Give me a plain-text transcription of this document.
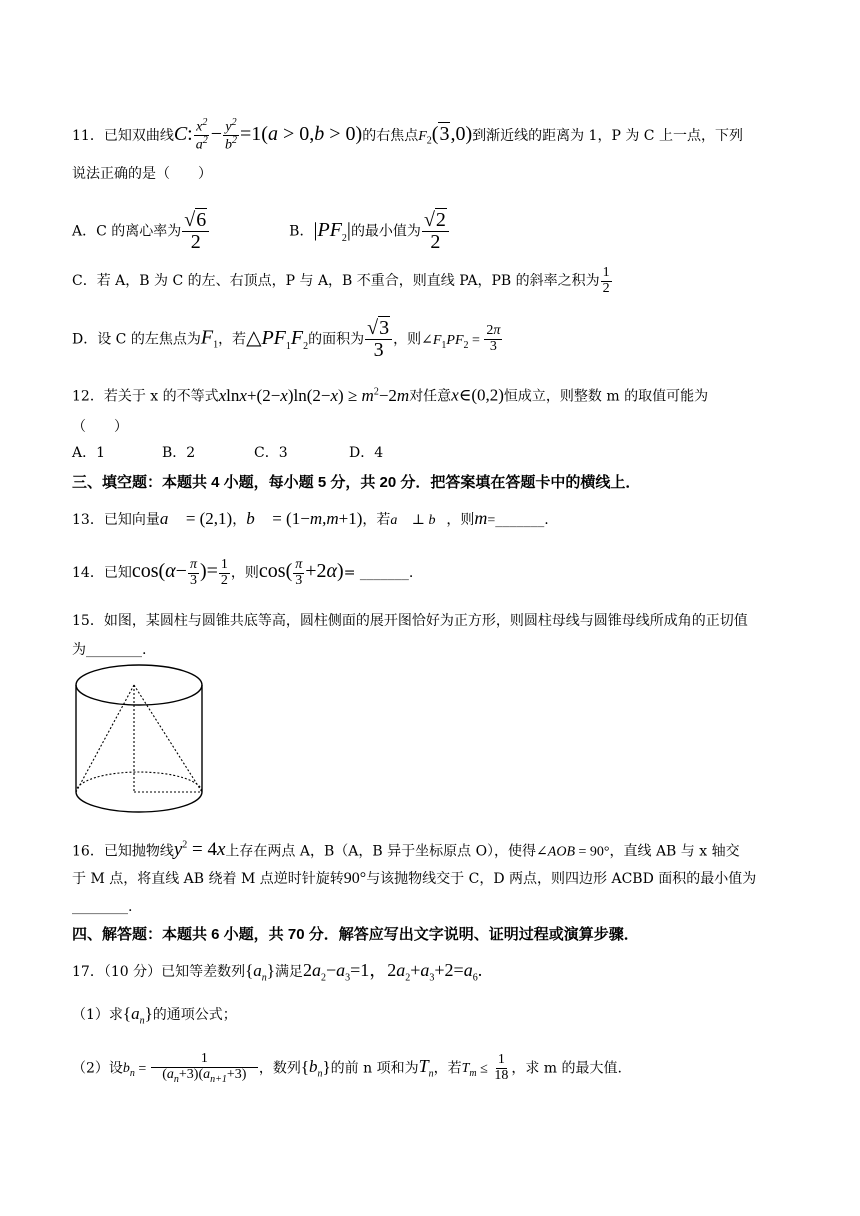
11．已知双曲线C: $\frac{x^2}{a^2} - \frac{y^2}{b^2} =1(a > 0,b > 0)$的右焦点$F_2(3,0)$到渐近线的距离为 1，P 为 C 上一点，下列
说法正确的是（　　）
A．C 的离心率为 $\frac{√6}{2}$	B．$|PF_2|$的最小值为 $\frac{√2}{2}$
C．若 A，B 为 C 的左、右顶点，P 与 A，B 不重合，则直线 PA，PB 的斜率之积为 $\frac{1}{2}$
D．设 C 的左焦点为$F_1$，若$\triangle PF_1F_2$的面积为 $\frac{√3}{3}$ ，则$\angle F_1PF_2 = \frac{2\pi}{3}$
12．若关于 x 的不等式$xlnx+(2-x)\ln(2-x) \ge m^2-2m$对任意x∈(0,2)恒成立，则整数 m 的取值可能为
（　　）
A．1	B．2	C．3	D．4
三、填空题：本题共 4 小题，每小题 5 分，共 20 分．把答案填在答题卡中的横线上．
13．已知向量a⃗ = (2,1)，b⃗ = (1−m,m+1)，若a⃗ ⊥ b⃗，则m=_______.
14．已知$\cos(\alpha- \frac{\pi}{3}$ )= $\frac{1}{2}$ ，则$\cos( \frac{\pi}{3} +2\alpha)=$ _______.
15．如图，某圆柱与圆锥共底等高，圆柱侧面的展开图恰好为正方形，则圆柱母线与圆锥母线所成角的正切值
为________.
16．已知抛物线$y^2 = 4x$上存在两点 A，B（A，B 异于坐标原点 O），使得∠AOB = 90°，直线 AB 与 x 轴交
于 M 点，将直线 AB 绕着 M 点逆时针旋转90°与该抛物线交于 C，D 两点，则四边形 ACBD 面积的最小值为
________.
四、解答题：本题共 6 小题，共 70 分．解答应写出文字说明、证明过程或演算步骤．
17．（10 分）已知等差数列$\{a_n\}$满足$2a_2-a_3=1$，$2a_2+a_3+2=a_6$.
（1）求$\{a_n\}$的通项公式；
（2）设$b_n = \frac{1}{(a_n+3)(a_{n+1}+3)}$ ，数列$\{b_n\}$的前 n 项和为$T_n$，若$T_m \le \frac{1}{18}$ ，求 m 的最大值.
